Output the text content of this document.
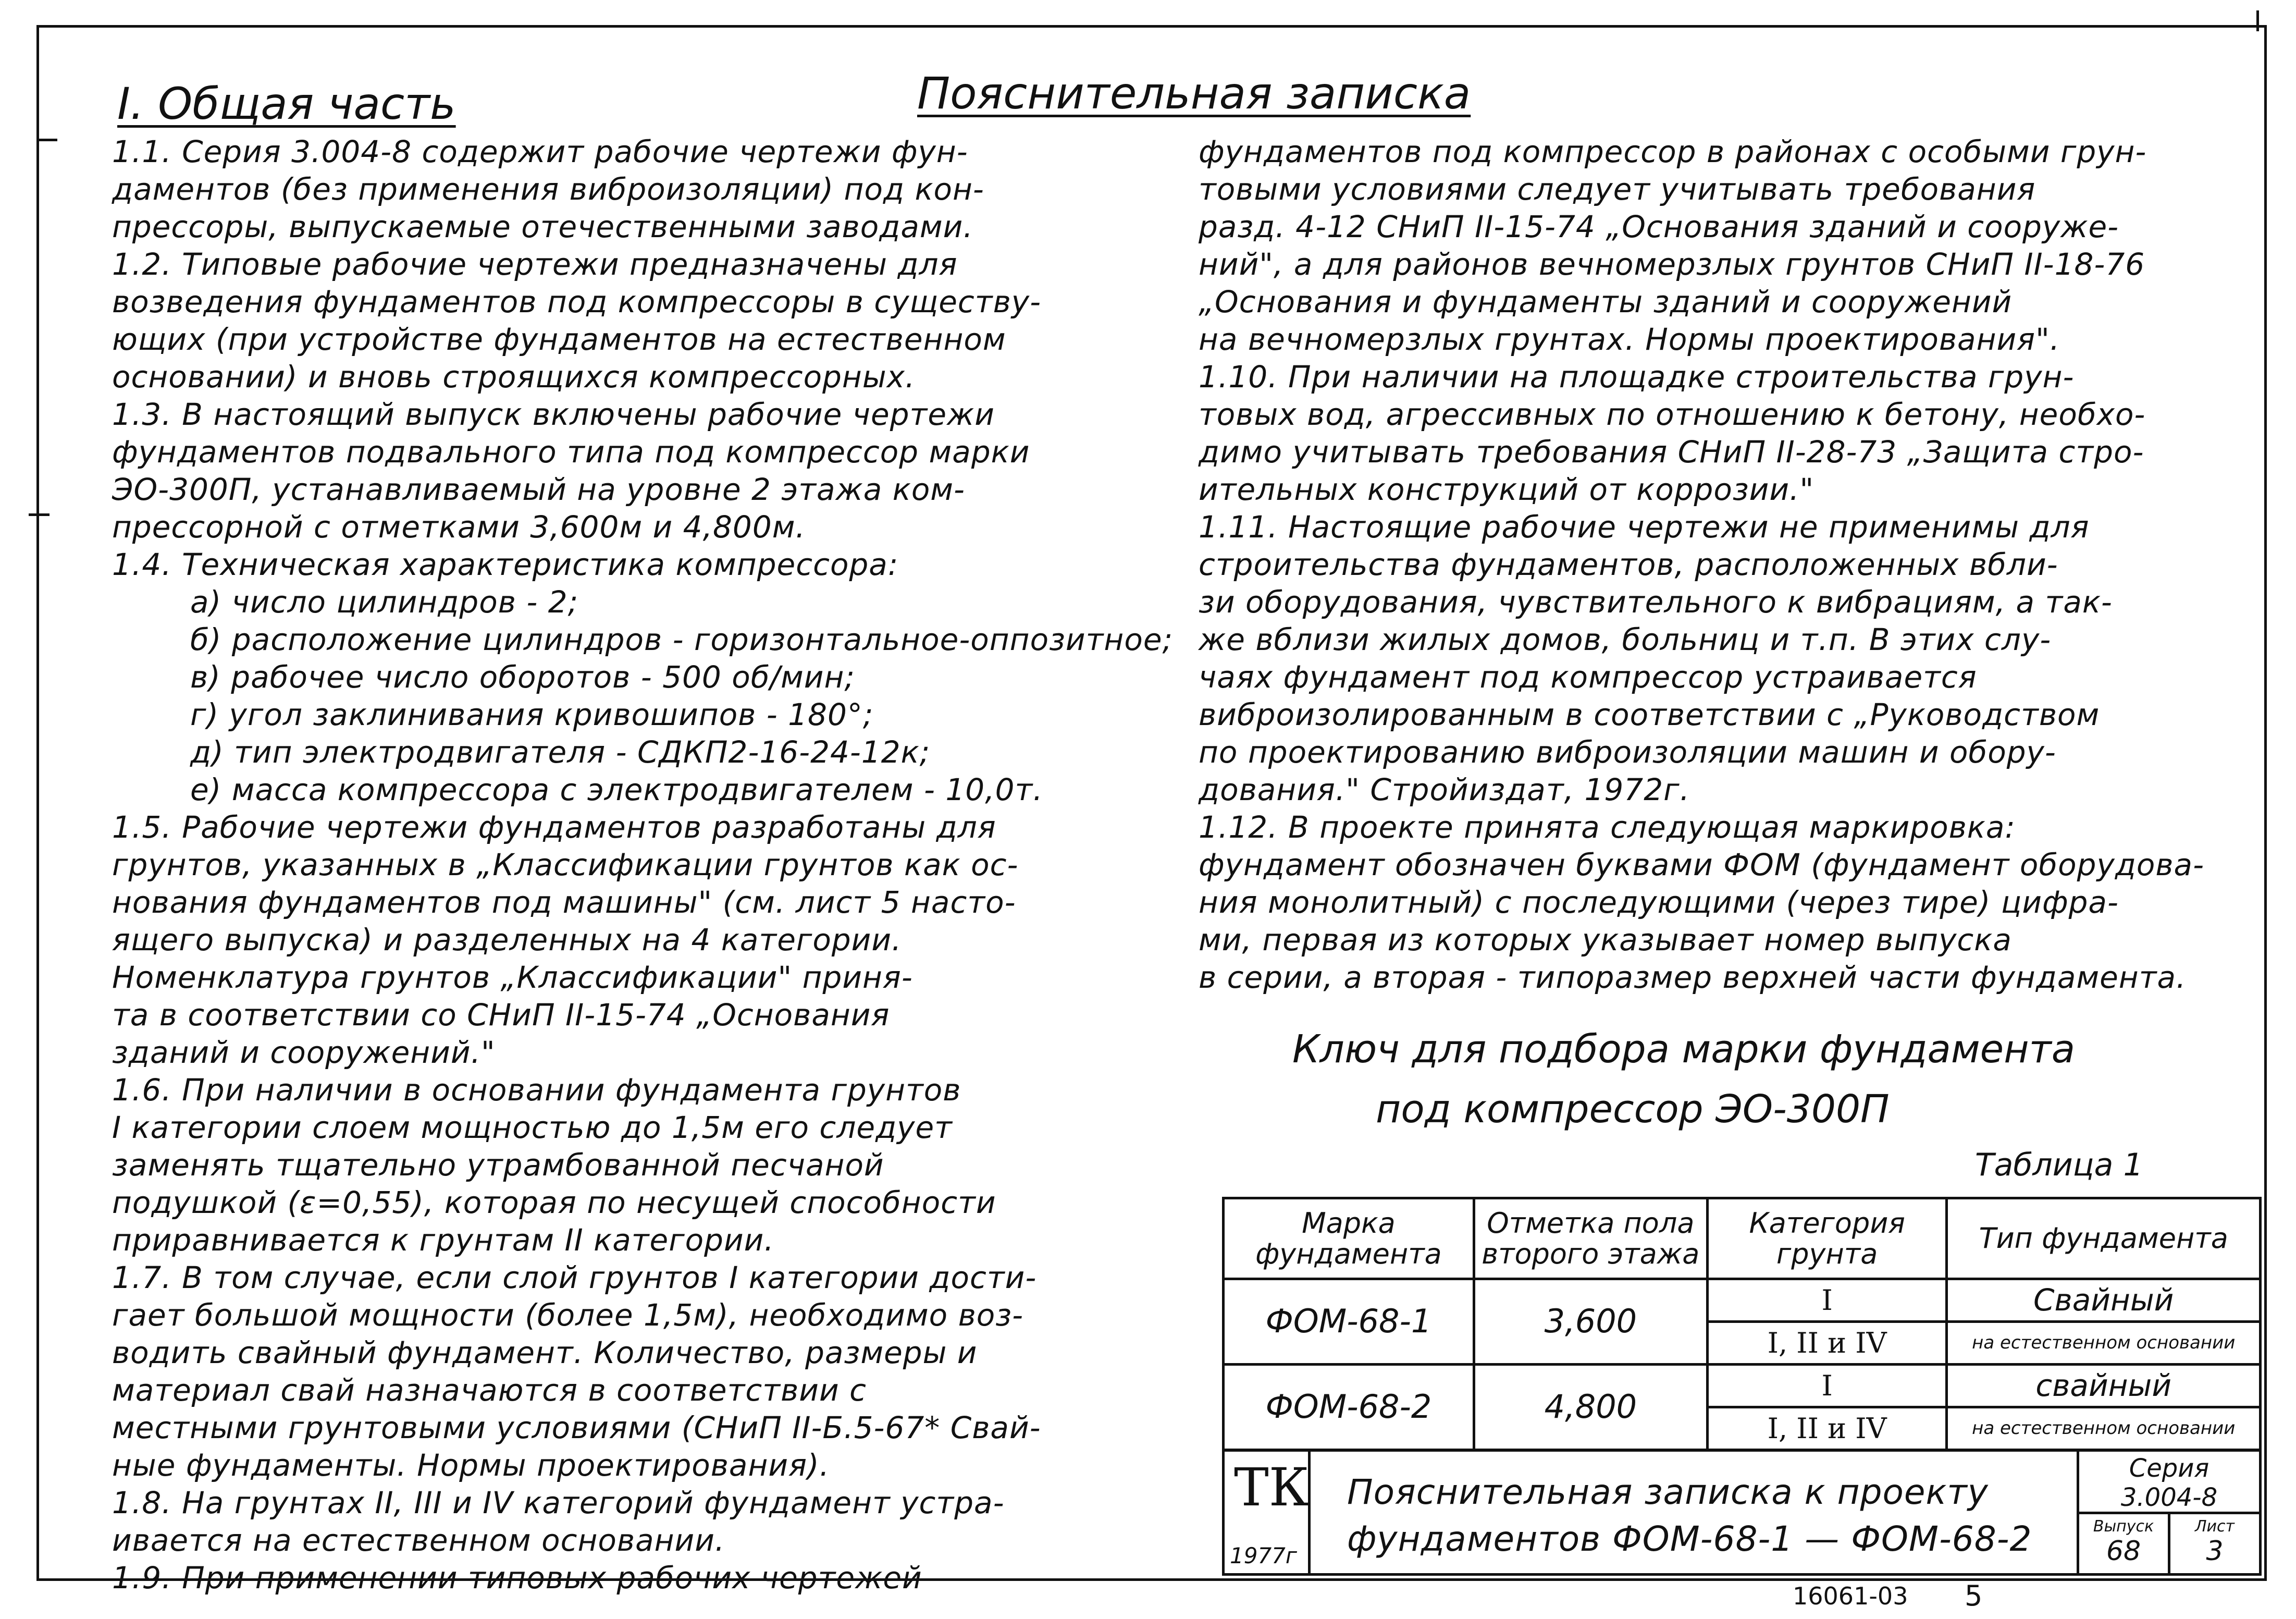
I. Общая часть	Пояснительная записка

1.1. Серия 3.004-8 содержит рабочие чертежи фун-

даментов (без применения виброизоляции) под кон-

прессоры, выпускаемые отечественными заводами.

1.2. Типовые рабочие чертежи предназначены для

возведения фундаментов под компрессоры в существу-

ющих (при устройстве фундаментов на естественном

основании) и вновь строящихся компрессорных.

1.3. В настоящий выпуск включены рабочие чертежи

фундаментов подвального типа под компрессор марки

ЭО-300П, устанавливаемый на уровне 2 этажа ком-

прессорной с отметками 3,600м и 4,800м.

1.4. Техническая характеристика компрессора:

а) число цилиндров - 2;

б) расположение цилиндров - горизонтальное-оппозитное;

в) рабочее число оборотов - 500 об/мин;

г) угол заклинивания кривошипов - 180°;

д) тип электродвигателя - СДКП2-16-24-12к;

е) масса компрессора с электродвигателем - 10,0т.

1.5. Рабочие чертежи фундаментов разработаны для

грунтов, указанных в „Классификации грунтов как ос-

нования фундаментов под машины" (см. лист 5 насто-

ящего выпуска) и разделенных на 4 категории.

Номенклатура грунтов „Классификации" приня-

та в соответствии со СНиП II-15-74 „Основания

зданий и сооружений."

1.6. При наличии в основании фундамента грунтов

I категории слоем мощностью до 1,5м его следует

заменять тщательно утрамбованной песчаной

подушкой (ε=0,55), которая по несущей способности

приравнивается к грунтам II категории.

1.7. В том случае, если слой грунтов I категории дости-

гает большой мощности (более 1,5м), необходимо воз-

водить свайный фундамент. Количество, размеры и

материал свай назначаются в соответствии с

местными грунтовыми условиями (СНиП II-Б.5-67* Свай-

ные фундаменты. Нормы проектирования).

1.8. На грунтах II, III и IV категорий фундамент устра-

ивается на естественном основании.

1.9. При применении типовых рабочих чертежей

фундаментов под компрессор в районах с особыми грун-

товыми условиями следует учитывать требования

разд. 4-12 СНиП II-15-74 „Основания зданий и сооруже-

ний", а для районов вечномерзлых грунтов СНиП II-18-76

„Основания и фундаменты зданий и сооружений

на вечномерзлых грунтах. Нормы проектирования".

1.10. При наличии на площадке строительства грун-

товых вод, агрессивных по отношению к бетону, необхо-

димо учитывать требования СНиП II-28-73 „Защита стро-

ительных конструкций от коррозии."

1.11. Настоящие рабочие чертежи не применимы для

строительства фундаментов, расположенных вбли-

зи оборудования, чувствительного к вибрациям, а так-

же вблизи жилых домов, больниц и т.п. В этих слу-

чаях фундамент под компрессор устраивается

виброизолированным в соответствии с „Руководством

по проектированию виброизоляции машин и обору-

дования." Стройиздат, 1972г.

1.12. В проекте принята следующая маркировка:

фундамент обозначен буквами ФОМ (фундамент оборудова-

ния монолитный) с последующими (через тире) цифра-

ми, первая из которых указывает номер выпуска

в серии, а вторая - типоразмер верхней части фундамента.

Ключ для подбора марки фундамента
под компрессор ЭО-300П
Таблица 1
Марка фундамента	Отметка пола второго этажа	Категория грунта	Тип фундамента
ФОМ-68-1	3,600	I	Свайный
		I, II и IV	на естественном основании
ФОМ-68-2	4,800	I	свайный
		I, II и IV	на естественном основании
ТК
1977г
Пояснительная записка к проекту
фундаментов ФОМ-68-1 — ФОМ-68-2
Серия
3.004-8
Выпуск
68
Лист
3
16061-03 5
